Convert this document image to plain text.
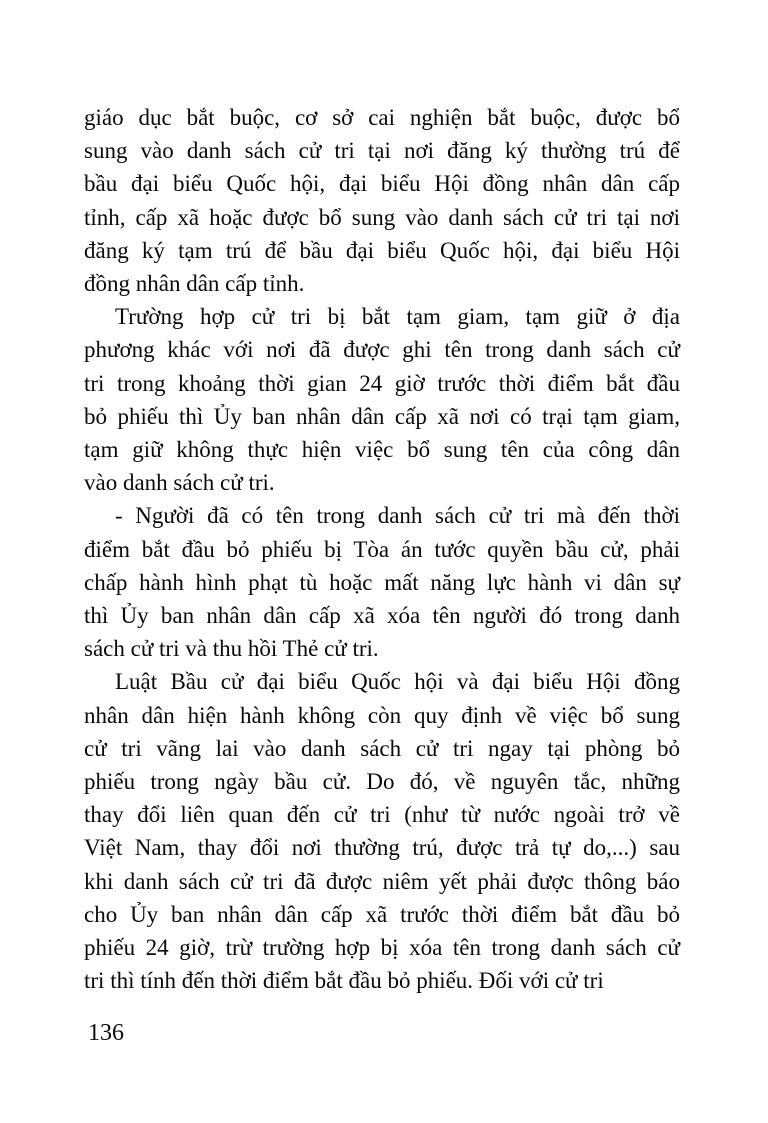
giáo dục bắt buộc, cơ sở cai nghiện bắt buộc, được bổ
sung vào danh sách cử tri tại nơi đăng ký thường trú để
bầu đại biểu Quốc hội, đại biểu Hội đồng nhân dân cấp
tỉnh, cấp xã hoặc được bổ sung vào danh sách cử tri tại nơi
đăng ký tạm trú để bầu đại biểu Quốc hội, đại biểu Hội
đồng nhân dân cấp tỉnh.
Trường hợp cử tri bị bắt tạm giam, tạm giữ ở địa
phương khác với nơi đã được ghi tên trong danh sách cử
tri trong khoảng thời gian 24 giờ trước thời điểm bắt đầu
bỏ phiếu thì Ủy ban nhân dân cấp xã nơi có trại tạm giam,
tạm giữ không thực hiện việc bổ sung tên của công dân
vào danh sách cử tri.
- Người đã có tên trong danh sách cử tri mà đến thời
điểm bắt đầu bỏ phiếu bị Tòa án tước quyền bầu cử, phải
chấp hành hình phạt tù hoặc mất năng lực hành vi dân sự
thì Ủy ban nhân dân cấp xã xóa tên người đó trong danh
sách cử tri và thu hồi Thẻ cử tri.
Luật Bầu cử đại biểu Quốc hội và đại biểu Hội đồng
nhân dân hiện hành không còn quy định về việc bổ sung
cử tri vãng lai vào danh sách cử tri ngay tại phòng bỏ
phiếu trong ngày bầu cử. Do đó, về nguyên tắc, những
thay đổi liên quan đến cử tri (như từ nước ngoài trở về
Việt Nam, thay đổi nơi thường trú, được trả tự do,...) sau
khi danh sách cử tri đã được niêm yết phải được thông báo
cho Ủy ban nhân dân cấp xã trước thời điểm bắt đầu bỏ
phiếu 24 giờ, trừ trường hợp bị xóa tên trong danh sách cử
tri thì tính đến thời điểm bắt đầu bỏ phiếu. Đối với cử tri
136
